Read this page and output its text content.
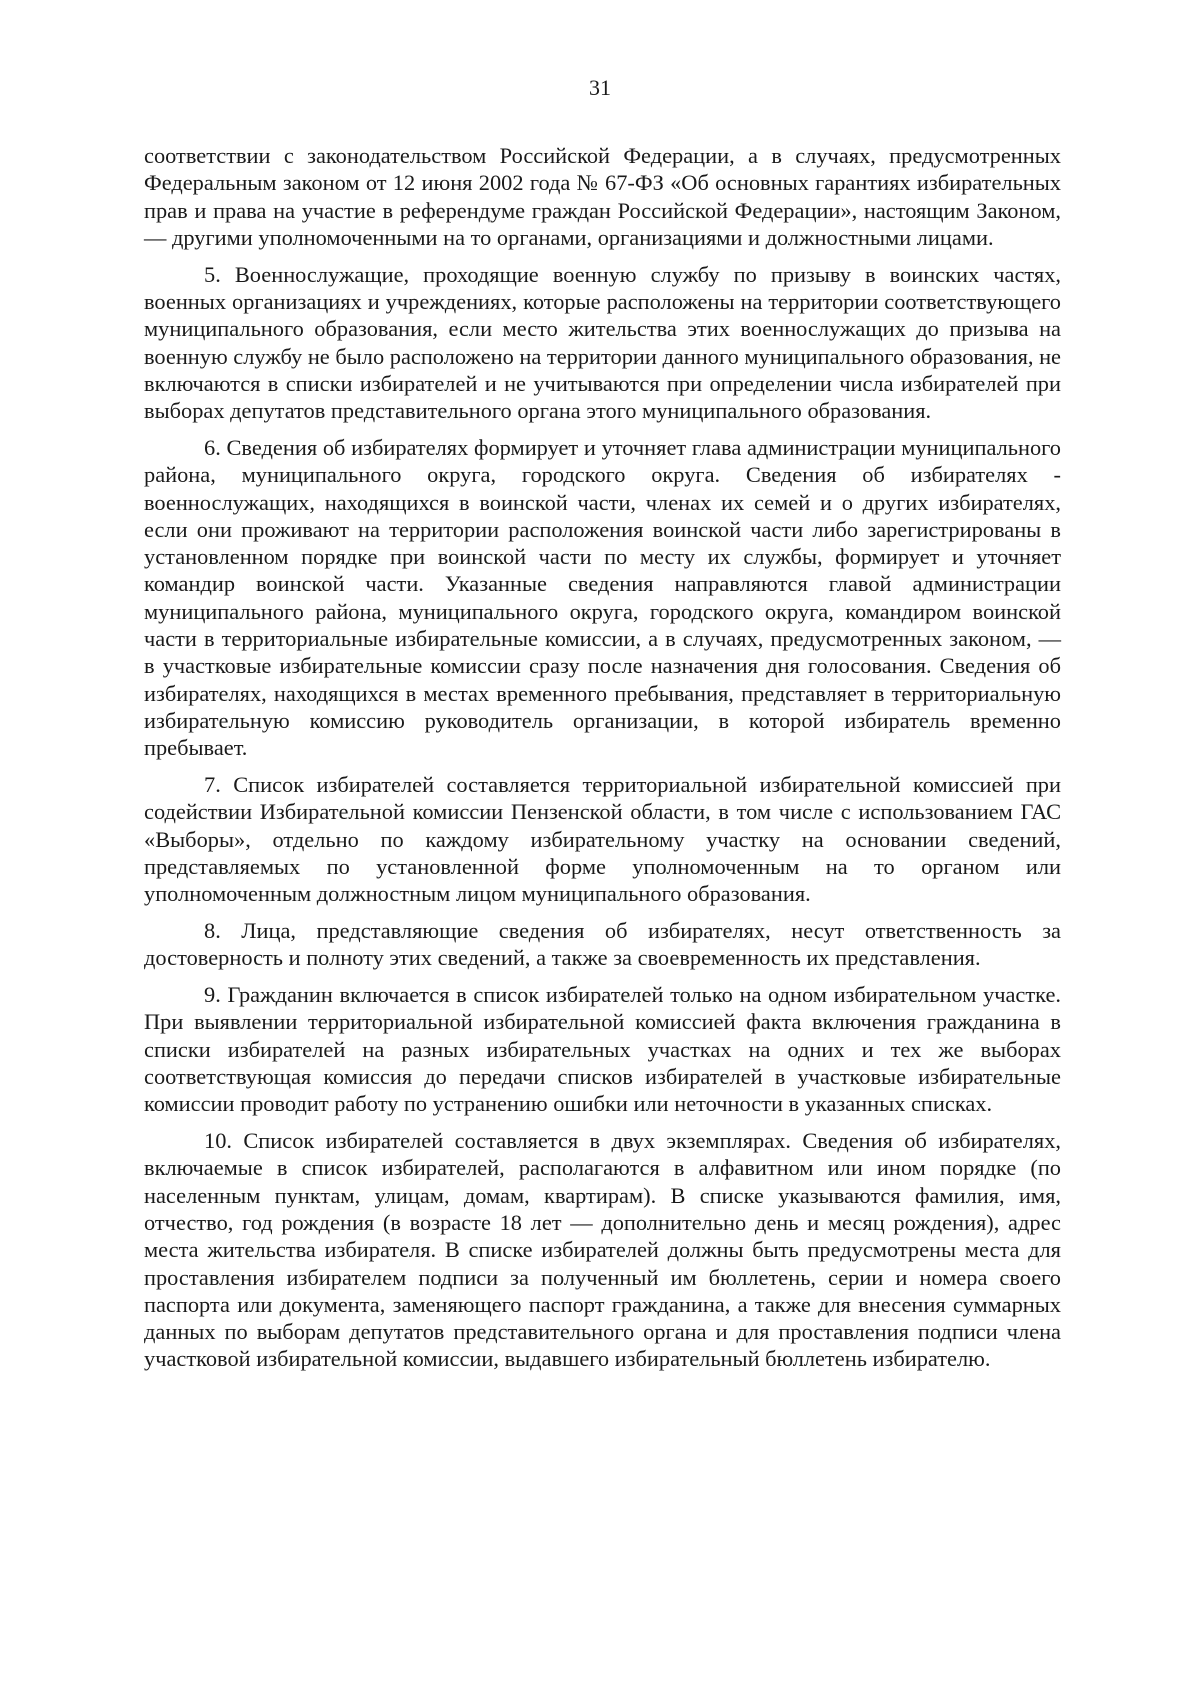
31

соответствии с законодательством Российской Федерации, а в случаях, предусмотренных Федеральным законом от 12 июня 2002 года № 67-ФЗ «Об основных гарантиях избирательных прав и права на участие в референдуме граждан Российской Федерации», настоящим Законом, — другими уполномоченными на то органами, организациями и должностными лицами.

5. Военнослужащие, проходящие военную службу по призыву в воинских частях, военных организациях и учреждениях, которые расположены на территории соответствующего муниципального образования, если место жительства этих военнослужащих до призыва на военную службу не было расположено на территории данного муниципального образования, не включаются в списки избирателей и не учитываются при определении числа избирателей при выборах депутатов представительного органа этого муниципального образования.

6. Сведения об избирателях формирует и уточняет глава администрации муниципального района, муниципального округа, городского округа. Сведения об избирателях - военнослужащих, находящихся в воинской части, членах их семей и о других избирателях, если они проживают на территории расположения воинской части либо зарегистрированы в установленном порядке при воинской части по месту их службы, формирует и уточняет командир воинской части. Указанные сведения направляются главой администрации муниципального района, муниципального округа, городского округа, командиром воинской части в территориальные избирательные комиссии, а в случаях, предусмотренных законом, — в участковые избирательные комиссии сразу после назначения дня голосования. Сведения об избирателях, находящихся в местах временного пребывания, представляет в территориальную избирательную комиссию руководитель организации, в которой избиратель временно пребывает.

7. Список избирателей составляется территориальной избирательной комиссией при содействии Избирательной комиссии Пензенской области, в том числе с использованием ГАС «Выборы», отдельно по каждому избирательному участку на основании сведений, представляемых по установленной форме уполномоченным на то органом или уполномоченным должностным лицом муниципального образования.

8. Лица, представляющие сведения об избирателях, несут ответственность за достоверность и полноту этих сведений, а также за своевременность их представления.

9. Гражданин включается в список избирателей только на одном избирательном участке. При выявлении территориальной избирательной комиссией факта включения гражданина в списки избирателей на разных избирательных участках на одних и тех же выборах соответствующая комиссия до передачи списков избирателей в участковые избирательные комиссии проводит работу по устранению ошибки или неточности в указанных списках.

10. Список избирателей составляется в двух экземплярах. Сведения об избирателях, включаемые в список избирателей, располагаются в алфавитном или ином порядке (по населенным пунктам, улицам, домам, квартирам). В списке указываются фамилия, имя, отчество, год рождения (в возрасте 18 лет — дополнительно день и месяц рождения), адрес места жительства избирателя. В списке избирателей должны быть предусмотрены места для проставления избирателем подписи за полученный им бюллетень, серии и номера своего паспорта или документа, заменяющего паспорт гражданина, а также для внесения суммарных данных по выборам депутатов представительного органа и для проставления подписи члена участковой избирательной комиссии, выдавшего избирательный бюллетень избирателю.
